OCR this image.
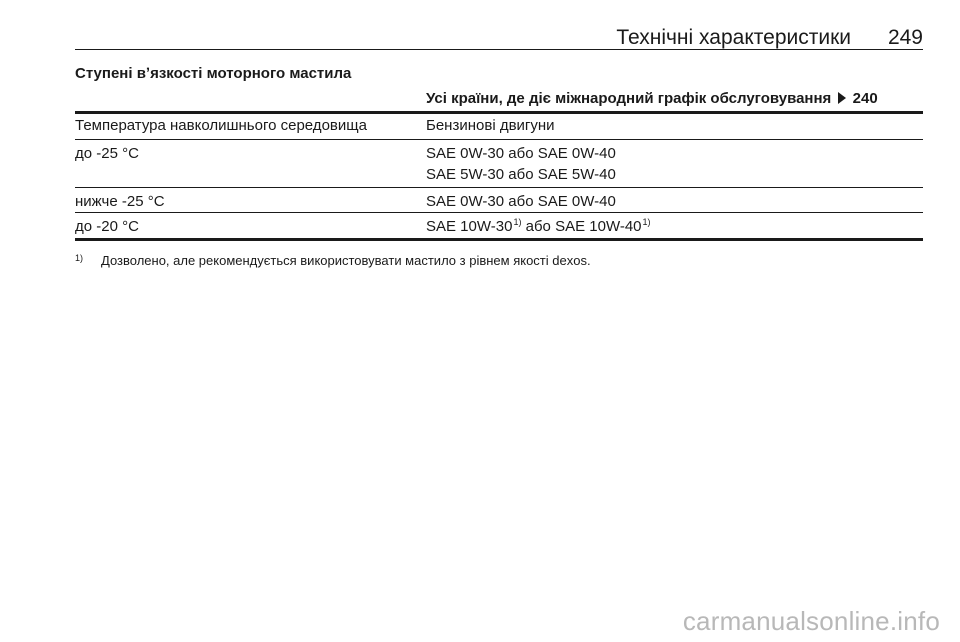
Технічні характеристики 249
Ступені вʼязкості моторного мастила
Усі країни, де діє міжнародний графік обслуговування 240
Температура навколишнього середовища	Бензинові двигуни
до -25 °C	SAE 0W-30 або SAE 0W-40
SAE 5W-30 або SAE 5W-40
нижче -25 °C	SAE 0W-30 або SAE 0W-40
до -20 °C	SAE 10W-30$^{1)}$ або SAE 10W-40$^{1)}$
1) Дозволено, але рекомендується використовувати мастило з рівнем якості dexos.
carmanualsonline.info
